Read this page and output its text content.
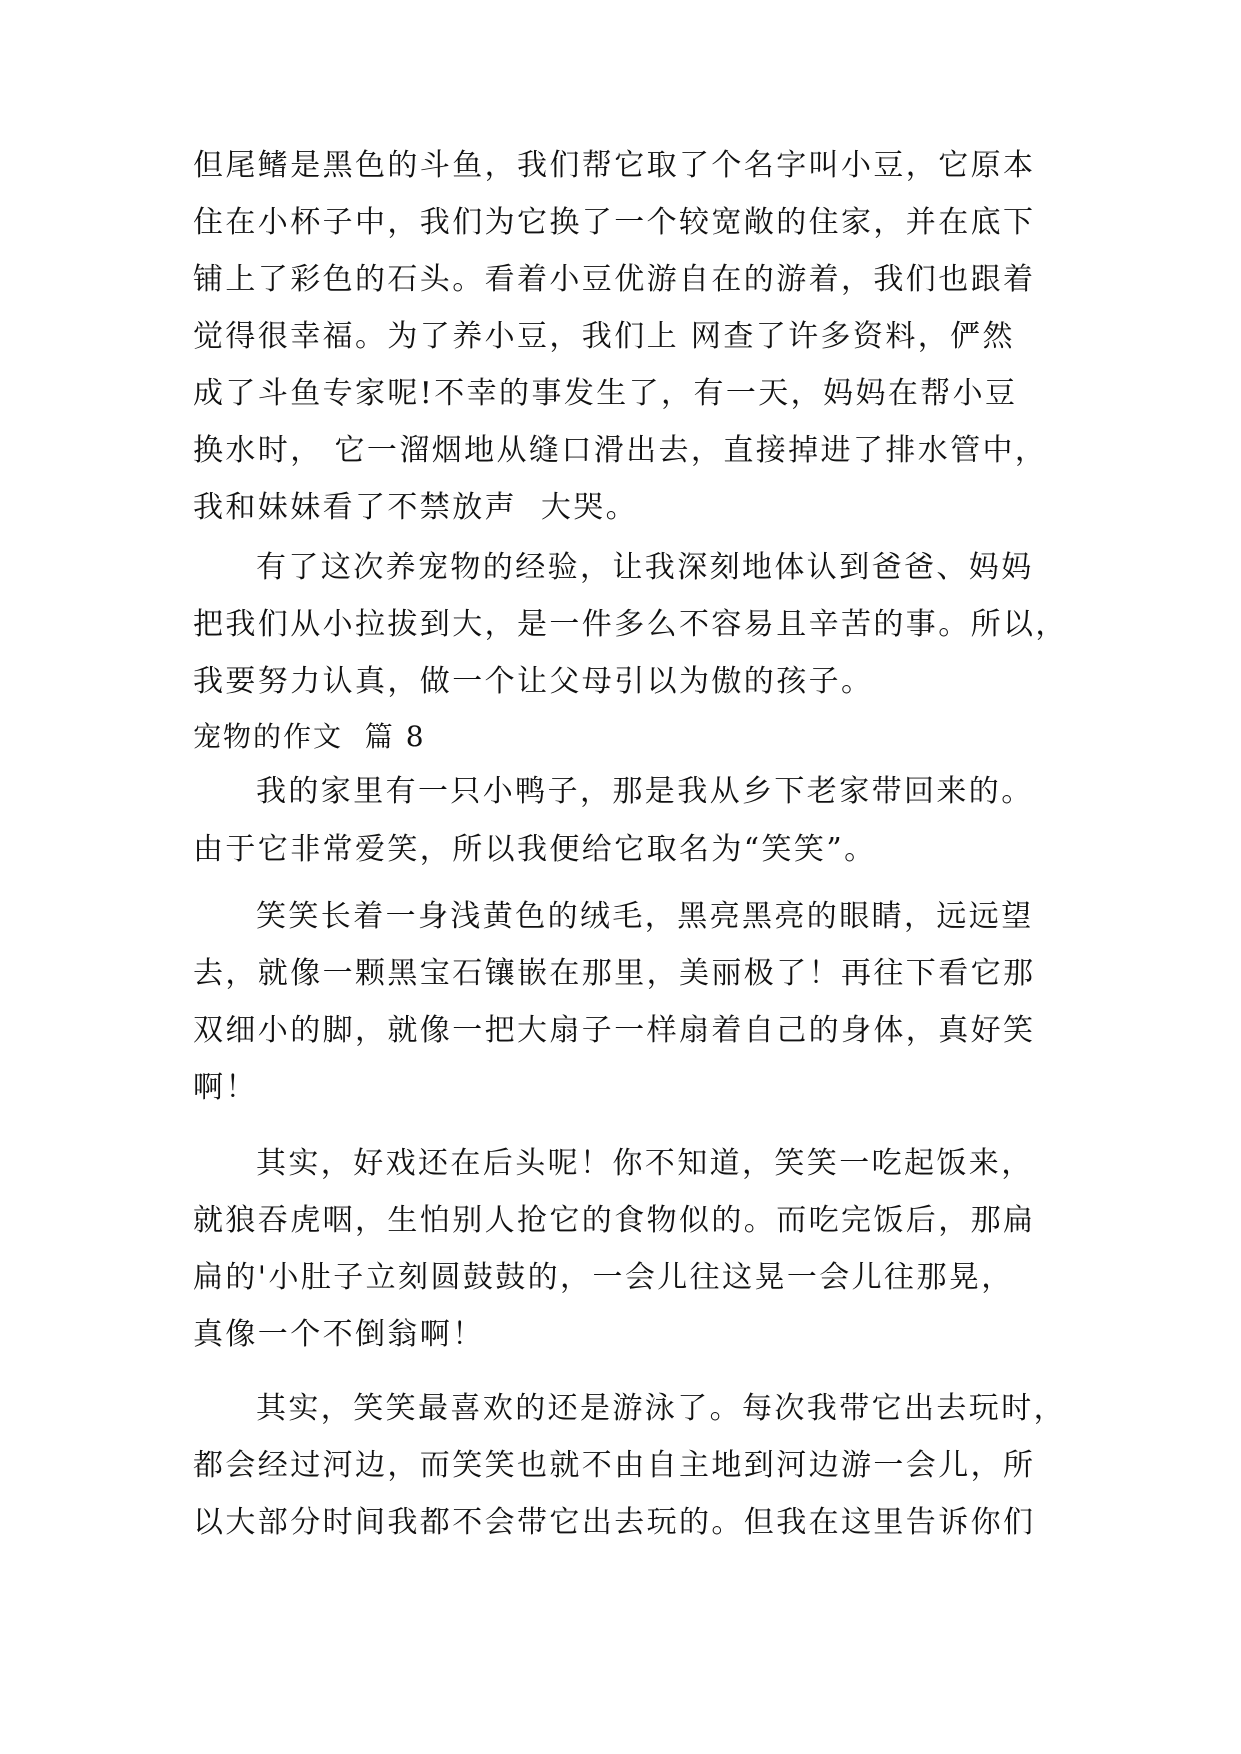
但尾鳍是黑色的斗鱼，我们帮它取了个名字叫小豆，它原本
住在小杯子中，我们为它换了一个较宽敞的住家，并在底下
铺上了彩色的石头。看着小豆优游自在的游着，我们也跟着
觉得很幸福。为了养小豆，我们上 网查了许多资料，俨然
成了斗鱼专家呢!不幸的事发生了，有一天，妈妈在帮小豆
换水时， 它一溜烟地从缝口滑出去，直接掉进了排水管中，
我和妹妹看了不禁放声  大哭。
有了这次养宠物的经验，让我深刻地体认到爸爸、妈妈
把我们从小拉拔到大，是一件多么不容易且辛苦的事。所以，
我要努力认真，做一个让父母引以为傲的孩子。
宠物的作文  篇 8
我的家里有一只小鸭子，那是我从乡下老家带回来的。
由于它非常爱笑，所以我便给它取名为“笑笑”。
笑笑长着一身浅黄色的绒毛，黑亮黑亮的眼睛，远远望
去，就像一颗黑宝石镶嵌在那里，美丽极了！再往下看它那
双细小的脚，就像一把大扇子一样扇着自己的身体，真好笑
啊！
其实，好戏还在后头呢！你不知道，笑笑一吃起饭来，
就狼吞虎咽，生怕别人抢它的食物似的。而吃完饭后，那扁
扁的'小肚子立刻圆鼓鼓的，一会儿往这晃一会儿往那晃，
真像一个不倒翁啊！
其实，笑笑最喜欢的还是游泳了。每次我带它出去玩时，
都会经过河边，而笑笑也就不由自主地到河边游一会儿，所
以大部分时间我都不会带它出去玩的。但我在这里告诉你们
